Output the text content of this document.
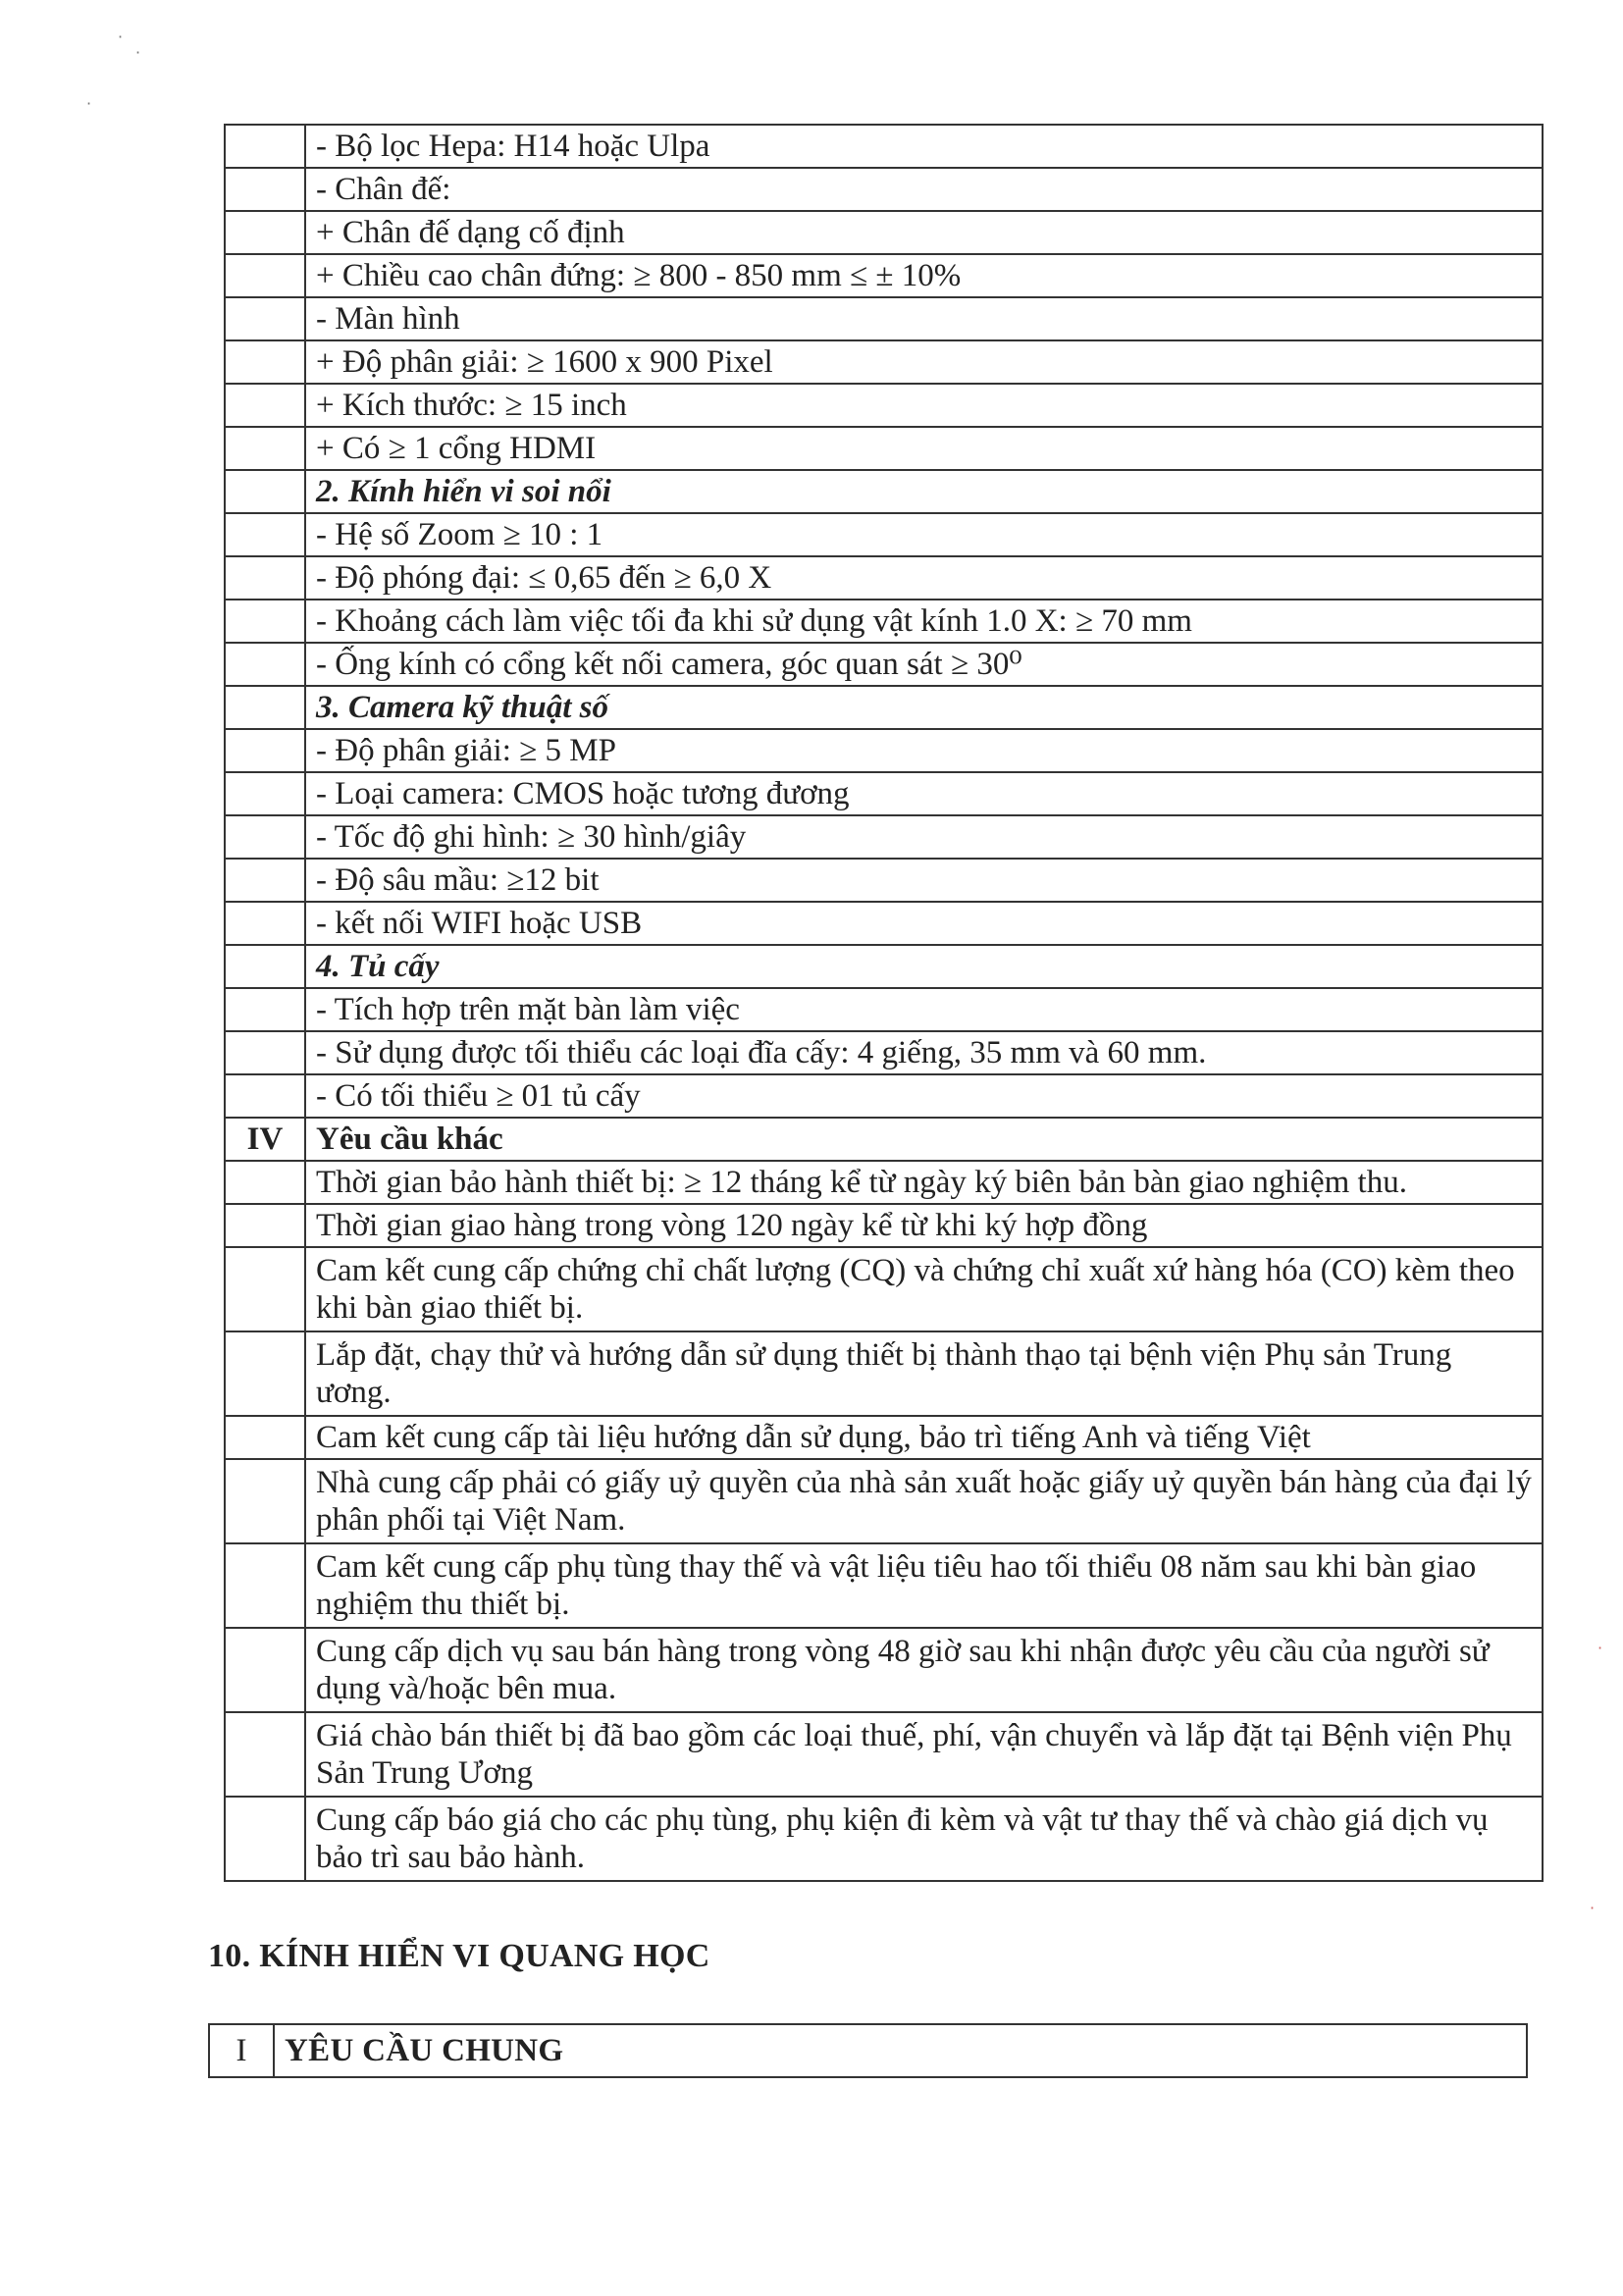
·
·
·
·
·
	- Bộ lọc Hepa: H14 hoặc Ulpa
	- Chân đế:
	+ Chân đế dạng cố định
	+ Chiều cao chân đứng: ≥ 800 - 850 mm ≤ ± 10%
	- Màn hình
	+ Độ phân giải: ≥ 1600 x 900 Pixel
	+ Kích thước: ≥ 15 inch
	+ Có ≥ 1 cổng HDMI
	2. Kính hiển vi soi nổi
	- Hệ số Zoom ≥ 10 : 1
	- Độ phóng đại: ≤ 0,65 đến ≥ 6,0 X
	- Khoảng cách làm việc tối đa khi sử dụng vật kính 1.0 X: ≥ 70 mm
	- Ống kính có cổng kết nối camera, góc quan sát ≥ 30⁰
	3. Camera kỹ thuật số
	- Độ phân giải: ≥ 5 MP
	- Loại camera: CMOS hoặc tương đương
	- Tốc độ ghi hình: ≥ 30 hình/giây
	- Độ sâu mầu: ≥12 bit
	- kết nối WIFI hoặc USB
	4. Tủ cấy
	- Tích hợp trên mặt bàn làm việc
	- Sử dụng được tối thiểu các loại đĩa cấy: 4 giếng, 35 mm và 60 mm.
	- Có tối thiểu ≥ 01 tủ cấy
IV	Yêu cầu khác
	Thời gian bảo hành thiết bị: ≥ 12 tháng kể từ ngày ký biên bản bàn giao nghiệm thu.
	Thời gian giao hàng trong vòng 120 ngày kể từ khi ký hợp đồng
	Cam kết cung cấp chứng chỉ chất lượng (CQ) và chứng chỉ xuất xứ hàng hóa (CO) kèm theo khi bàn giao thiết bị.
	Lắp đặt, chạy thử và hướng dẫn sử dụng thiết bị thành thạo tại bệnh viện Phụ sản Trung ương.
	Cam kết cung cấp tài liệu hướng dẫn sử dụng, bảo trì tiếng Anh và tiếng Việt
	Nhà cung cấp phải có giấy uỷ quyền của nhà sản xuất hoặc giấy uỷ quyền bán hàng của đại lý phân phối tại Việt Nam.
	Cam kết cung cấp phụ tùng thay thế và vật liệu tiêu hao tối thiểu 08 năm sau khi bàn giao nghiệm thu thiết bị.
	Cung cấp dịch vụ sau bán hàng trong vòng 48 giờ sau khi nhận được yêu cầu của người sử dụng và/hoặc bên mua.
	Giá chào bán thiết bị đã bao gồm các loại thuế, phí, vận chuyển và lắp đặt tại Bệnh viện Phụ Sản Trung Ương
	Cung cấp báo giá cho các phụ tùng, phụ kiện đi kèm và vật tư thay thế và chào giá dịch vụ bảo trì sau bảo hành.
10. KÍNH HIỂN VI QUANG HỌC
I	YÊU CẦU CHUNG
